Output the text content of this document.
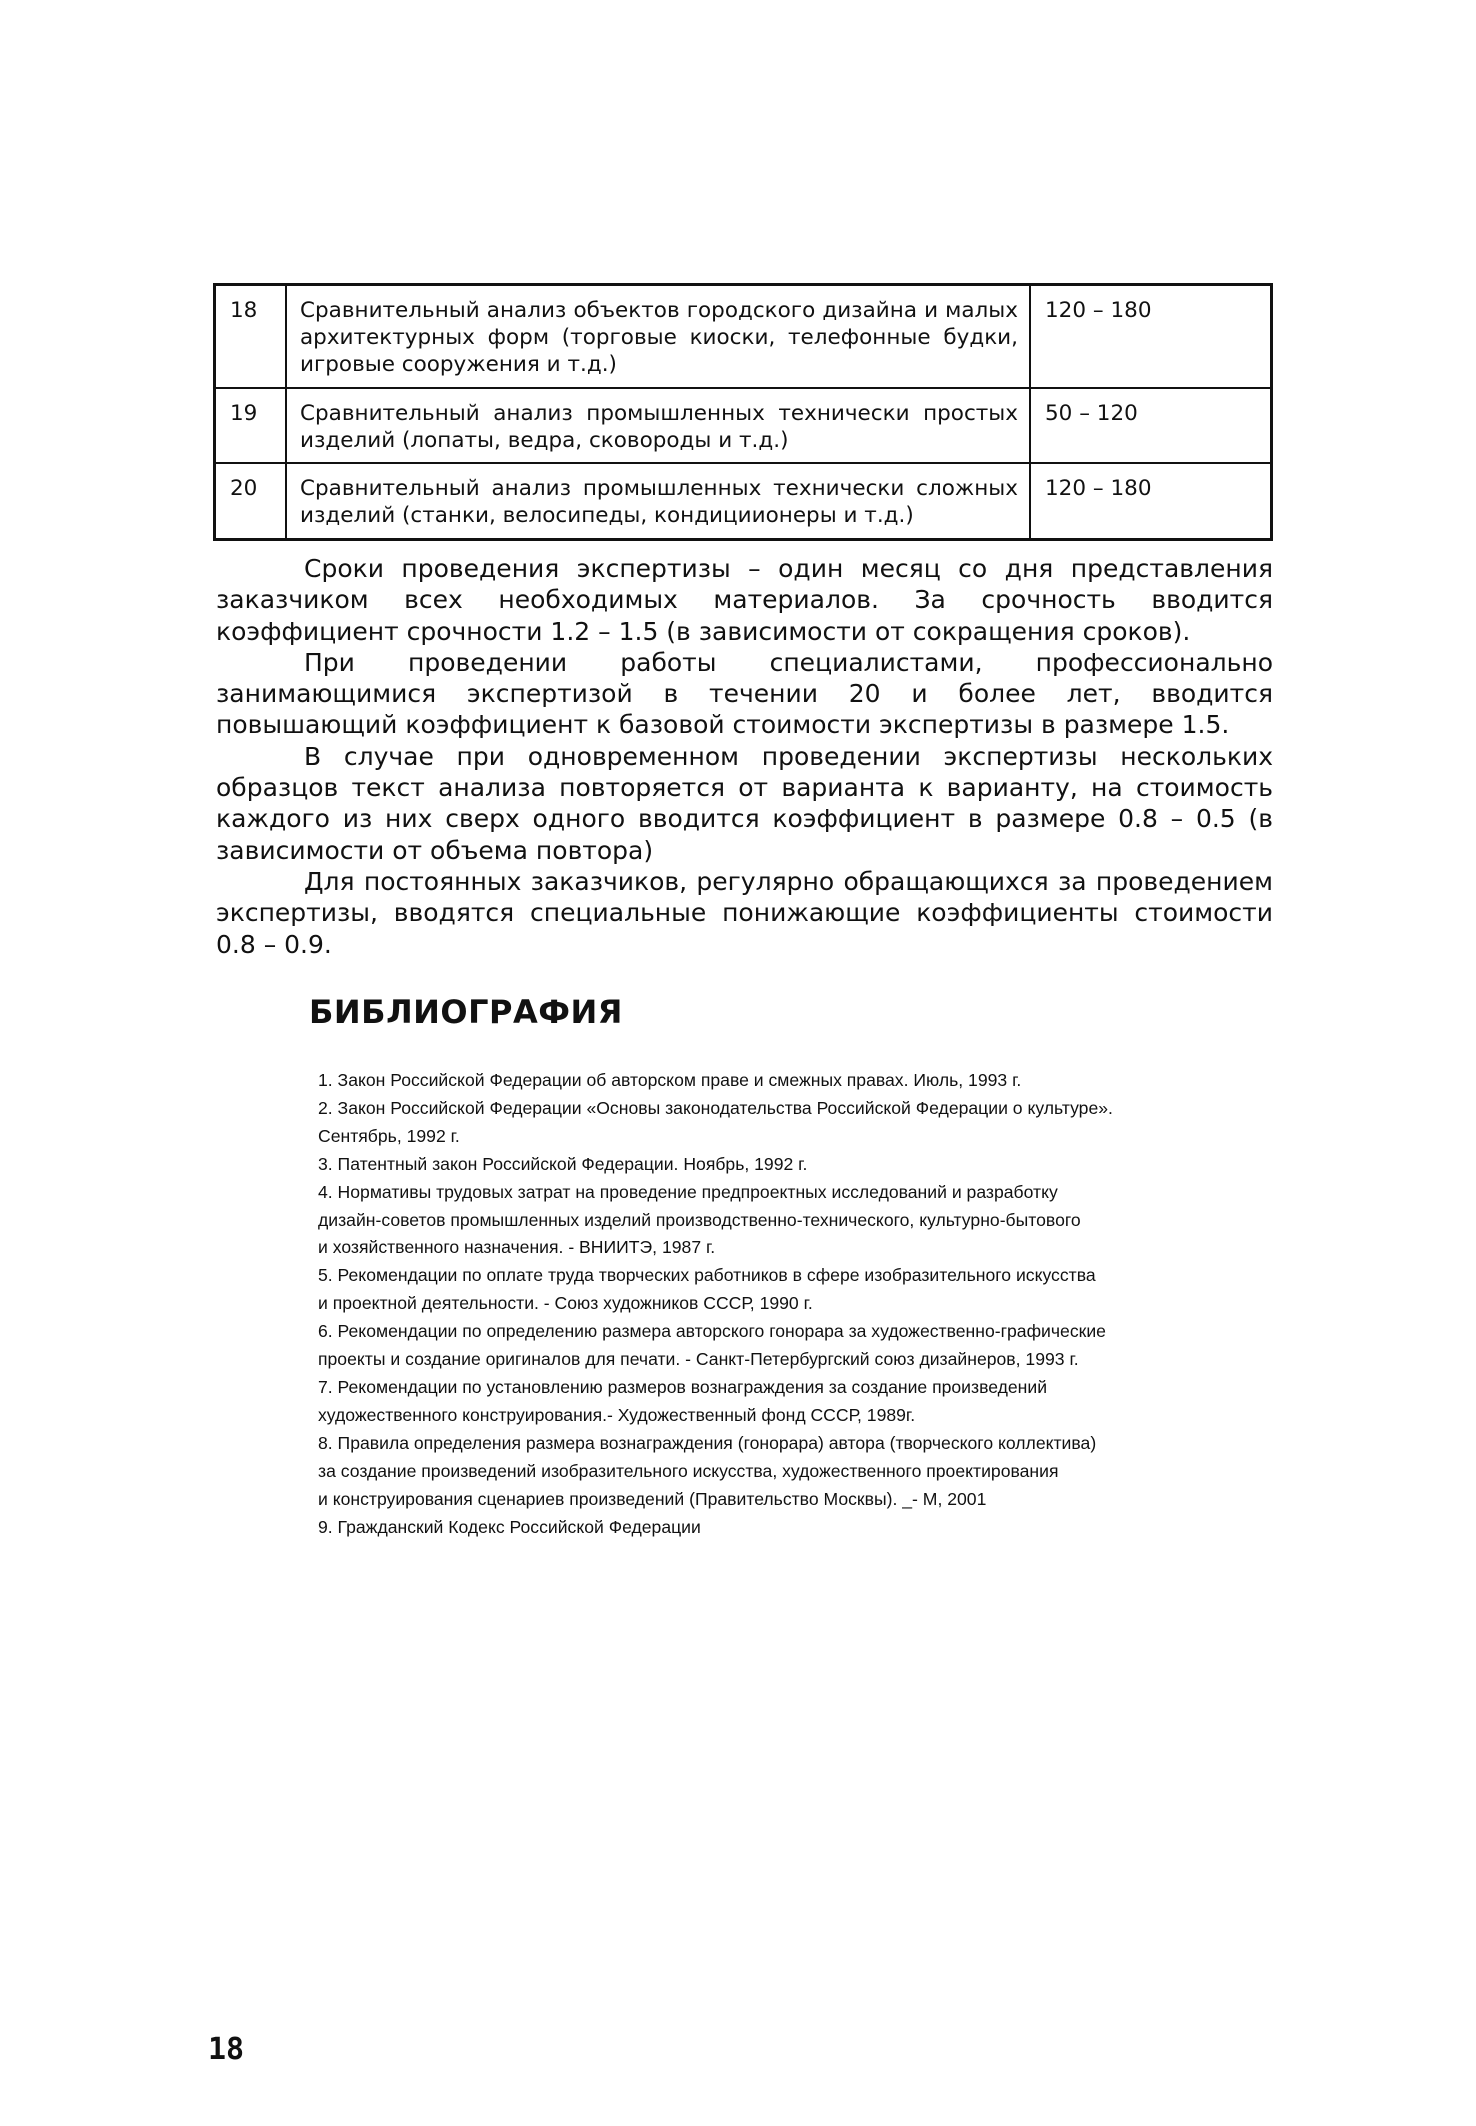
18	Сравнительный анализ объектов городского дизайна и малых архитектурных форм (торговые киоски, телефонные будки, игровые сооружения и т.д.)	120 – 180
19	Сравнительный анализ промышленных технически простых изделий (лопаты, ведра, сковороды и т.д.)	50 – 120
20	Сравнительный анализ промышленных технически сложных изделий (станки, велосипеды, кондициионеры и т.д.)	120 – 180

Сроки проведения экспертизы – один месяц со дня представления заказчиком всех необходимых материалов. За срочность вводится коэффициент срочности 1.2 – 1.5 (в зависимости от сокращения сроков).

При проведении работы специалистами, профессионально занимающимися экспертизой в течении 20 и более лет, вводится повышающий коэффициент к базовой стоимости экспертизы в размере 1.5.

В случае при одновременном проведении экспертизы нескольких образцов текст анализа повторяется от варианта к варианту, на стоимость каждого из них сверх одного вводится коэффициент в размере 0.8 – 0.5 (в зависимости от объема повтора)

Для постоянных заказчиков, регулярно обращающихся за проведением экспертизы, вводятся специальные понижающие коэффициенты стоимости 0.8 – 0.9.

БИБЛИОГРАФИЯ
1. Закон Российской Федерации об авторском праве и смежных правах. Июль, 1993 г.
2. Закон Российской Федерации «Основы законодательства Российской Федерации о культуре».
Сентябрь, 1992 г.
3. Патентный закон Российской Федерации. Ноябрь, 1992 г.
4. Нормативы трудовых затрат на проведение предпроектных исследований и разработку
дизайн-советов промышленных изделий производственно-технического, культурно-бытового
и хозяйственного назначения. - ВНИИТЭ, 1987 г.
5. Рекомендации по оплате труда творческих работников в сфере изобразительного искусства
и проектной деятельности. - Союз художников СССР, 1990 г.
6. Рекомендации по определению размера авторского гонорара за художественно-графические
проекты и создание оригиналов для печати. - Санкт-Петербургский союз дизайнеров, 1993 г.
7. Рекомендации по установлению размеров вознаграждения за создание произведений
художественного конструирования.- Художественный фонд СССР, 1989г.
8. Правила определения размера вознаграждения (гонорара) автора (творческого коллектива)
за создание произведений изобразительного искусства, художественного проектирования
и конструирования сценариев произведений (Правительство Москвы). _- М, 2001
9. Гражданский Кодекс Российской Федерации
18
